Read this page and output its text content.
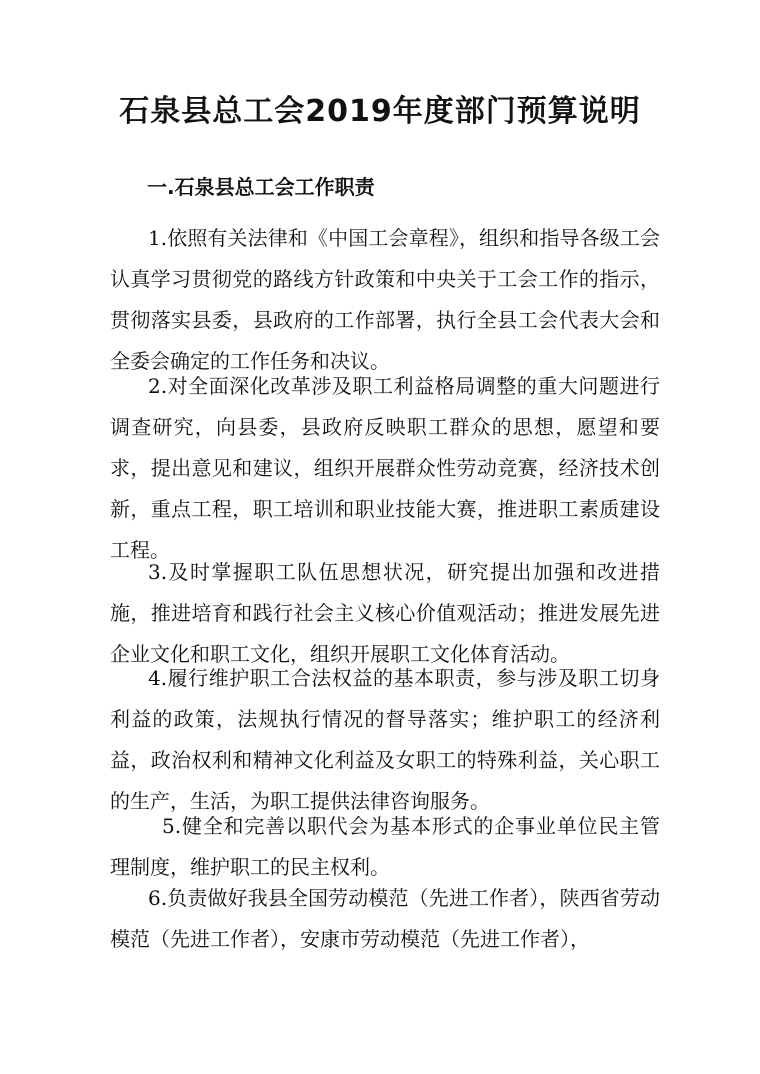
石泉县总工会2019年度部门预算说明
一.石泉县总工会工作职责
1.依照有关法律和《中国工会章程》，组织和指导各级工会认真学习贯彻党的路线方针政策和中央关于工会工作的指示，贯彻落实县委，县政府的工作部署，执行全县工会代表大会和全委会确定的工作任务和决议。
2.对全面深化改革涉及职工利益格局调整的重大问题进行调查研究，向县委，县政府反映职工群众的思想，愿望和要求，提出意见和建议，组织开展群众性劳动竞赛，经济技术创新，重点工程，职工培训和职业技能大赛，推进职工素质建设工程。
3.及时掌握职工队伍思想状况，研究提出加强和改进措施，推进培育和践行社会主义核心价值观活动；推进发展先进企业文化和职工文化，组织开展职工文化体育活动。
4.履行维护职工合法权益的基本职责，参与涉及职工切身利益的政策，法规执行情况的督导落实；维护职工的经济利益，政治权利和精神文化利益及女职工的特殊利益，关心职工的生产，生活，为职工提供法律咨询服务。
5.健全和完善以职代会为基本形式的企事业单位民主管理制度，维护职工的民主权利。
6.负责做好我县全国劳动模范（先进工作者），陕西省劳动模范（先进工作者），安康市劳动模范（先进工作者），
